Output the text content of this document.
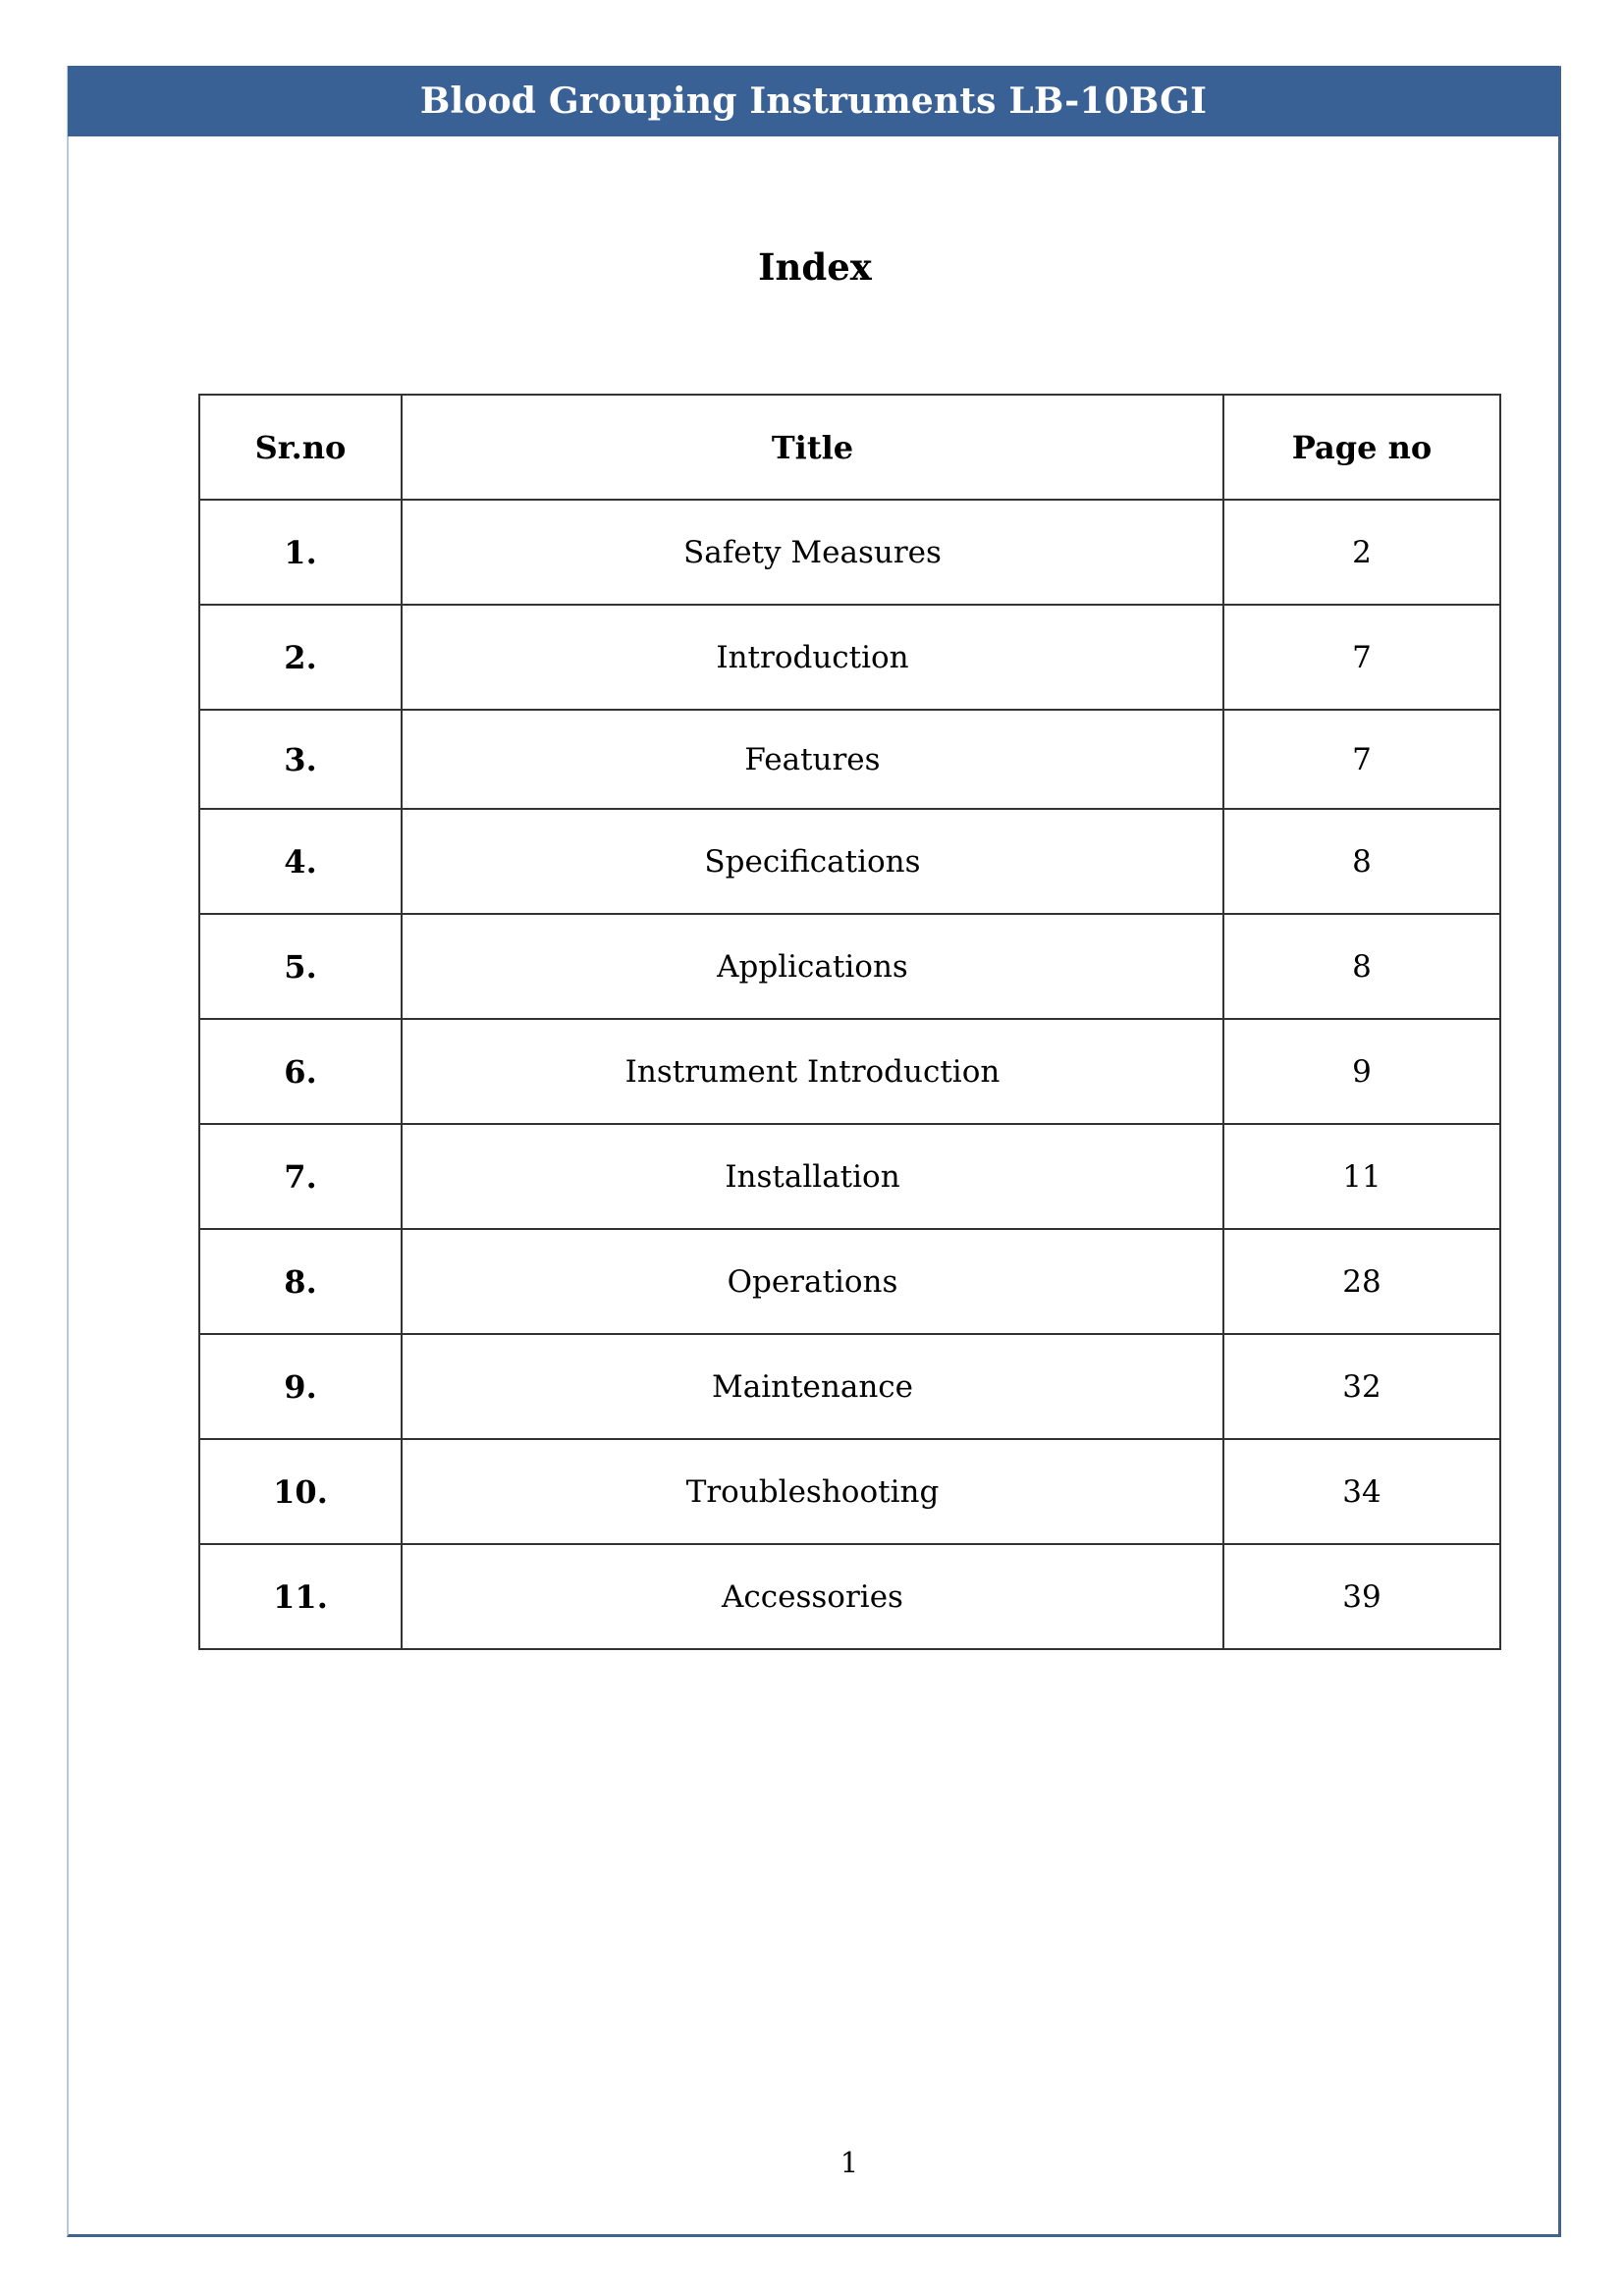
Blood Grouping Instruments LB-10BGI
Index
Sr.no	Title	Page no
1.	Safety Measures	2
2.	Introduction	7
3.	Features	7
4.	Specifications	8
5.	Applications	8
6.	Instrument Introduction	9
7.	Installation	11
8.	Operations	28
9.	Maintenance	32
10.	Troubleshooting	34
11.	Accessories	39
1
